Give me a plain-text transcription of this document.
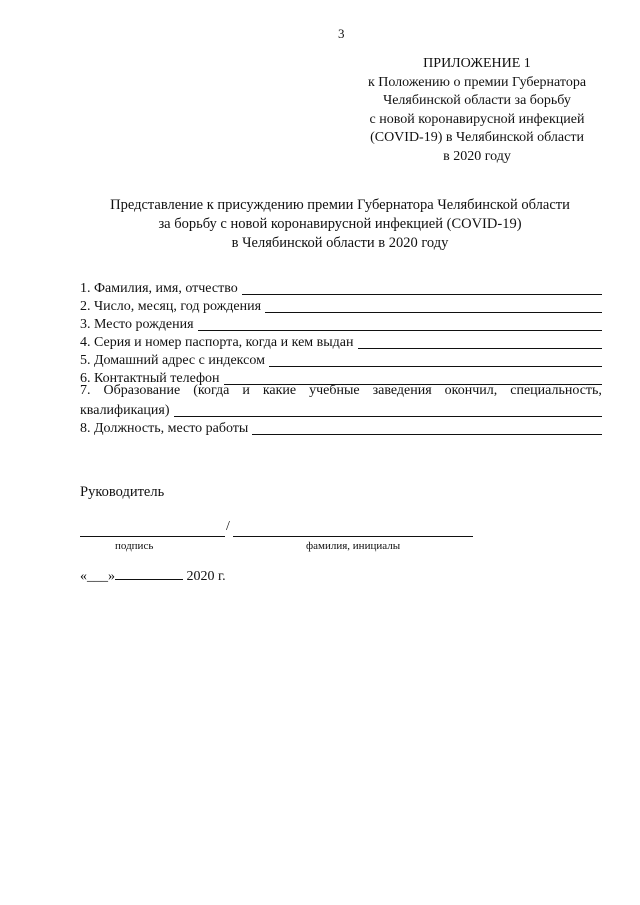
3
ПРИЛОЖЕНИЕ 1
к Положению о премии Губернатора
Челябинской области за борьбу
с новой коронавирусной инфекцией
(COVID-19) в Челябинской области
в 2020 году
Представление к присуждению премии Губернатора Челябинской области
за борьбу с новой коронавирусной инфекцией (COVID-19)
в Челябинской области в 2020 году
1. Фамилия, имя, отчество
2. Число, месяц, год рождения
3. Место рождения
4. Серия и номер паспорта, когда и кем выдан
5. Домашний адрес с индексом
6. Контактный телефон
7. Образование (когда и какие учебные заведения окончил, специальность,
квалификация)
8. Должность, место работы
Руководитель
/
подпись	фамилия, инициалы
«___»	2020 г.
